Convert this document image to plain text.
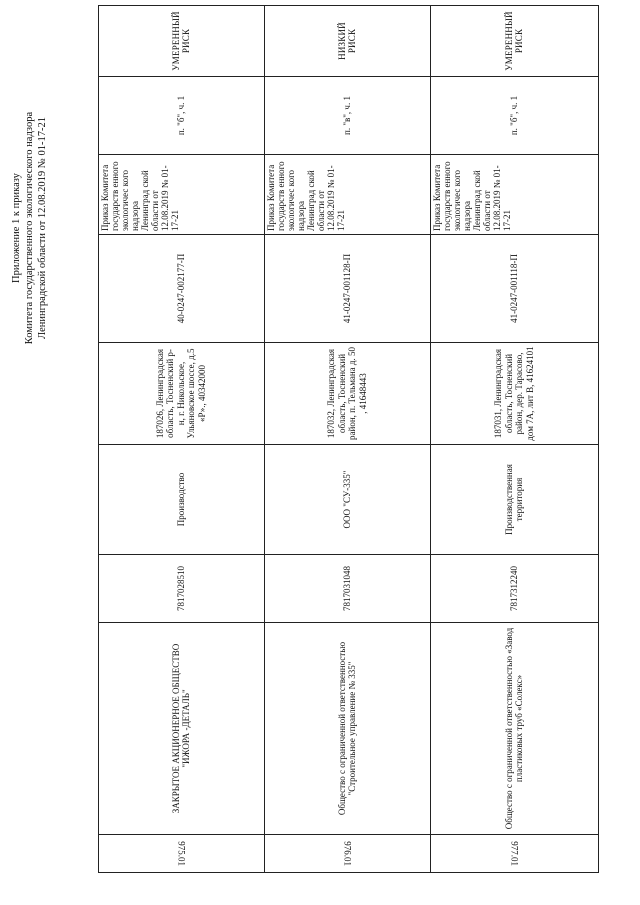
Приложение 1 к приказу Комитета государственного экологического надзора Ленинградской области от 12.08.2019 № 01-17-21
975.01
ЗАКРЫТОЕ АКЦИОНЕРНОЕ ОБЩЕСТВО "ИЖОРА -ДЕТАЛЬ"
7817028510
Производство
187026, Ленинградская область, Тосненский р-н, г. Никольское, Ульяновское шоссе, д.5 «Р»., 40342000
40-0247-002177-П
Приказ Комитета государств енного экологичес кого надзора Ленинград ской области от 12.08.2019 № 01-17-21
п. "б", ч. 1
УМЕРЕННЫЙ РИСК
976.01
Общество с ограниченной ответственностью "Строительное управление № 335"
7817031048
ООО "СУ-335"
187032, Ленинградская область, Тосненский район, п. Тельмана д. 50 , 41648443
41-0247-001128-П
Приказ Комитета государств енного экологичес кого надзора Ленинград ской области от 12.08.2019 № 01-17-21
п. "в", ч. 1
НИЗКИЙ РИСК
977.01
Общество с ограниченной ответственностью «Завод пластиковых труб «Солекс»
7817312240
Производственная территория
187031, Ленинградская область, Тосненский район, дер. Тарасово, дом 7А, лит В, 41624101
41-0247-001118-П
Приказ Комитета государств енного экологичес кого надзора Ленинград ской области от 12.08.2019 № 01-17-21
п. "б", ч. 1
УМЕРЕННЫЙ РИСК
